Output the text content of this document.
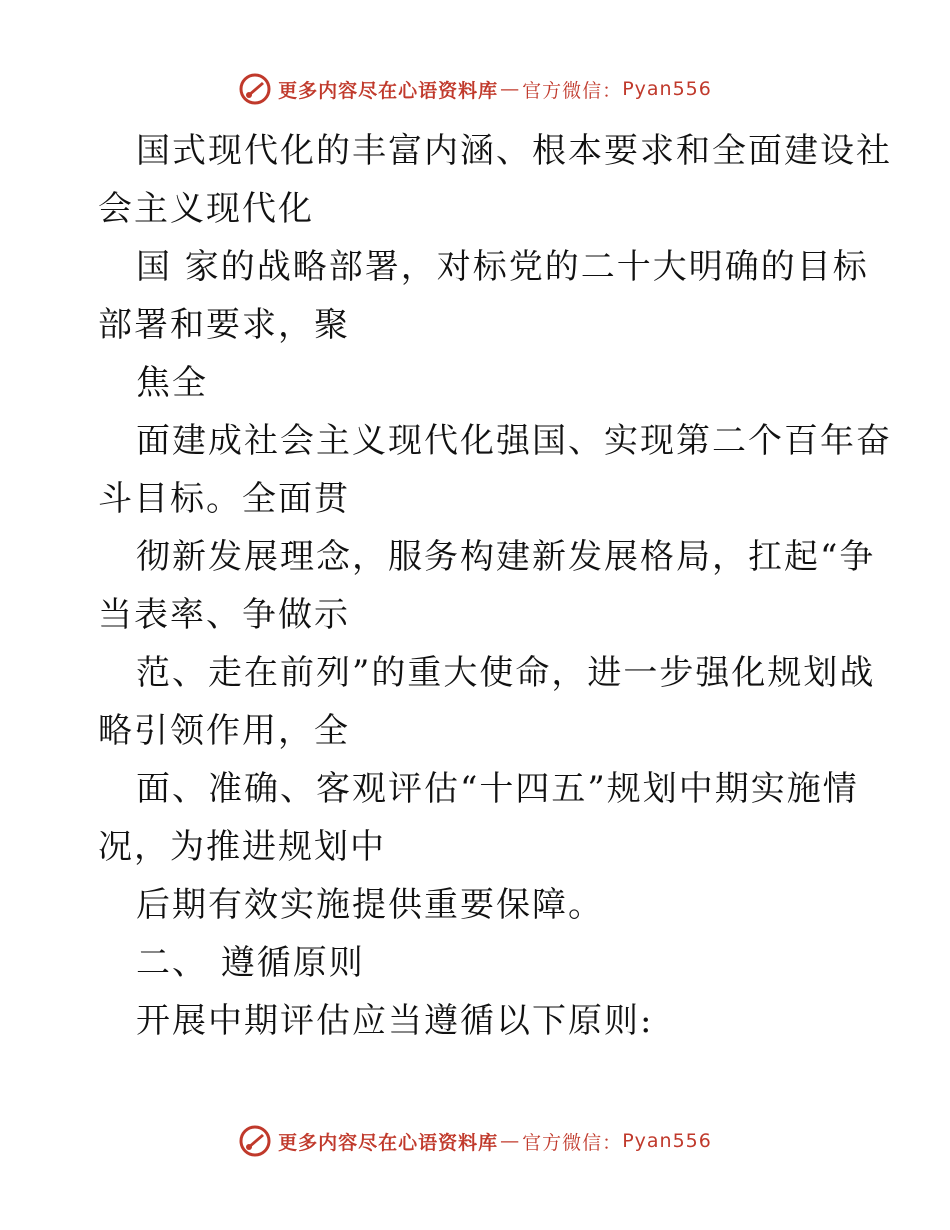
更多内容尽在心语资料库 — 官方微信： Pyan556

国式现代化的丰富内涵、根本要求和全面建设社
会主义现代化

国 家的战略部署，对标党的二十大明确的目标
部署和要求，聚

焦全

面建成社会主义现代化强国、实现第二个百年奋
斗目标。全面贯

彻新发展理念，服务构建新发展格局，扛起“争
当表率、争做示

范、走在前列”的重大使命，进一步强化规划战
略引领作用，全

面、准确、客观评估“十四五”规划中期实施情
况，为推进规划中

后期有效实施提供重要保障。

二、 遵循原则

开展中期评估应当遵循以下原则:

更多内容尽在心语资料库 — 官方微信： Pyan556
